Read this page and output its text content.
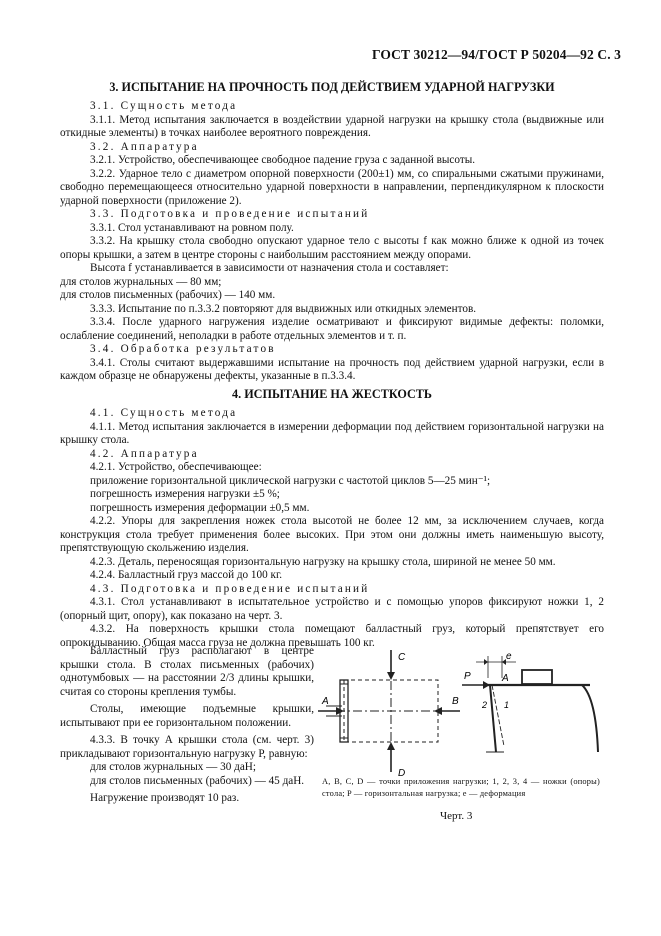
ГОСТ 30212—94/ГОСТ Р 50204—92 С. 3
3. ИСПЫТАНИЕ НА ПРОЧНОСТЬ ПОД ДЕЙСТВИЕМ УДАРНОЙ НАГРУЗКИ

3.1. Сущность метода

3.1.1. Метод испытания заключается в воздействии ударной нагрузки на крышку стола (выдвижные или откидные элементы) в точках наиболее вероятного повреждения.

3.2. Аппаратура

3.2.1. Устройство, обеспечивающее свободное падение груза с заданной высоты.

3.2.2. Ударное тело с диаметром опорной поверхности (200±1) мм, со спиральными сжатыми пружинами, свободно перемещающееся относительно ударной поверхности в направлении, перпендикулярном к плоскости ударной поверхности (приложение 2).

3.3. Подготовка и проведение испытаний

3.3.1. Стол устанавливают на ровном полу.

3.3.2. На крышку стола свободно опускают ударное тело с высоты f как можно ближе к одной из точек опоры крышки, а затем в центре стороны с наибольшим расстоянием между опорами.

Высота f устанавливается в зависимости от назначения стола и составляет:

для столов журнальных — 80 мм;

для столов письменных (рабочих) — 140 мм.

3.3.3. Испытание по п.3.3.2 повторяют для выдвижных или откидных элементов.

3.3.4. После ударного нагружения изделие осматривают и фиксируют видимые дефекты: поломки, ослабление соединений, неполадки в работе отдельных элементов и т. п.

3.4. Обработка результатов

3.4.1. Столы считают выдержавшими испытание на прочность под действием ударной нагрузки, если в каждом образце не обнаружены дефекты, указанные в п.3.3.4.

4. ИСПЫТАНИЕ НА ЖЕСТКОСТЬ

4.1. Сущность метода

4.1.1. Метод испытания заключается в измерении деформации под действием горизонтальной нагрузки на крышку стола.

4.2. Аппаратура

4.2.1. Устройство, обеспечивающее:

приложение горизонтальной циклической нагрузки с частотой циклов 5—25 мин⁻¹;

погрешность измерения нагрузки ±5 %;

погрешность измерения деформации ±0,5 мм.

4.2.2. Упоры для закрепления ножек стола высотой не более 12 мм, за исключением случаев, когда конструкция стола требует применения более высоких. При этом они должны иметь наименьшую высоту, препятствующую скольжению изделия.

4.2.3. Деталь, переносящая горизонтальную нагрузку на крышку стола, шириной не менее 50 мм.

4.2.4. Балластный груз массой до 100 кг.

4.3. Подготовка и проведение испытаний

4.3.1. Стол устанавливают в испытательное устройство и с помощью упоров фиксируют ножки 1, 2 (опорный щит, опору), как показано на черт. 3.

4.3.2. На поверхность крышки стола помещают балластный груз, который препятствует его опрокидыванию. Общая масса груза не должна превышать 100 кг.

Балластный груз располагают в центре крышки стола. В столах письменных (рабочих) однотумбовых — на расстоянии 2/3 длины крышки, считая со стороны крепления тумбы.

Столы, имеющие подъемные крышки, испытывают при ее горизонтальном положении.

4.3.3. В точку А крышки стола (см. черт. 3) прикладывают горизонтальную нагрузку Р, равную:

для столов журнальных — 30 даН;

для столов письменных (рабочих) — 45 даН.

Нагружение производят 10 раз.

C
D
A	B
e
P	A
2 1
A, B, C, D — точки приложения нагрузки; 1, 2, 3, 4 — ножки (опоры) стола; P — горизонтальная нагрузка; e — деформация
Черт. 3
